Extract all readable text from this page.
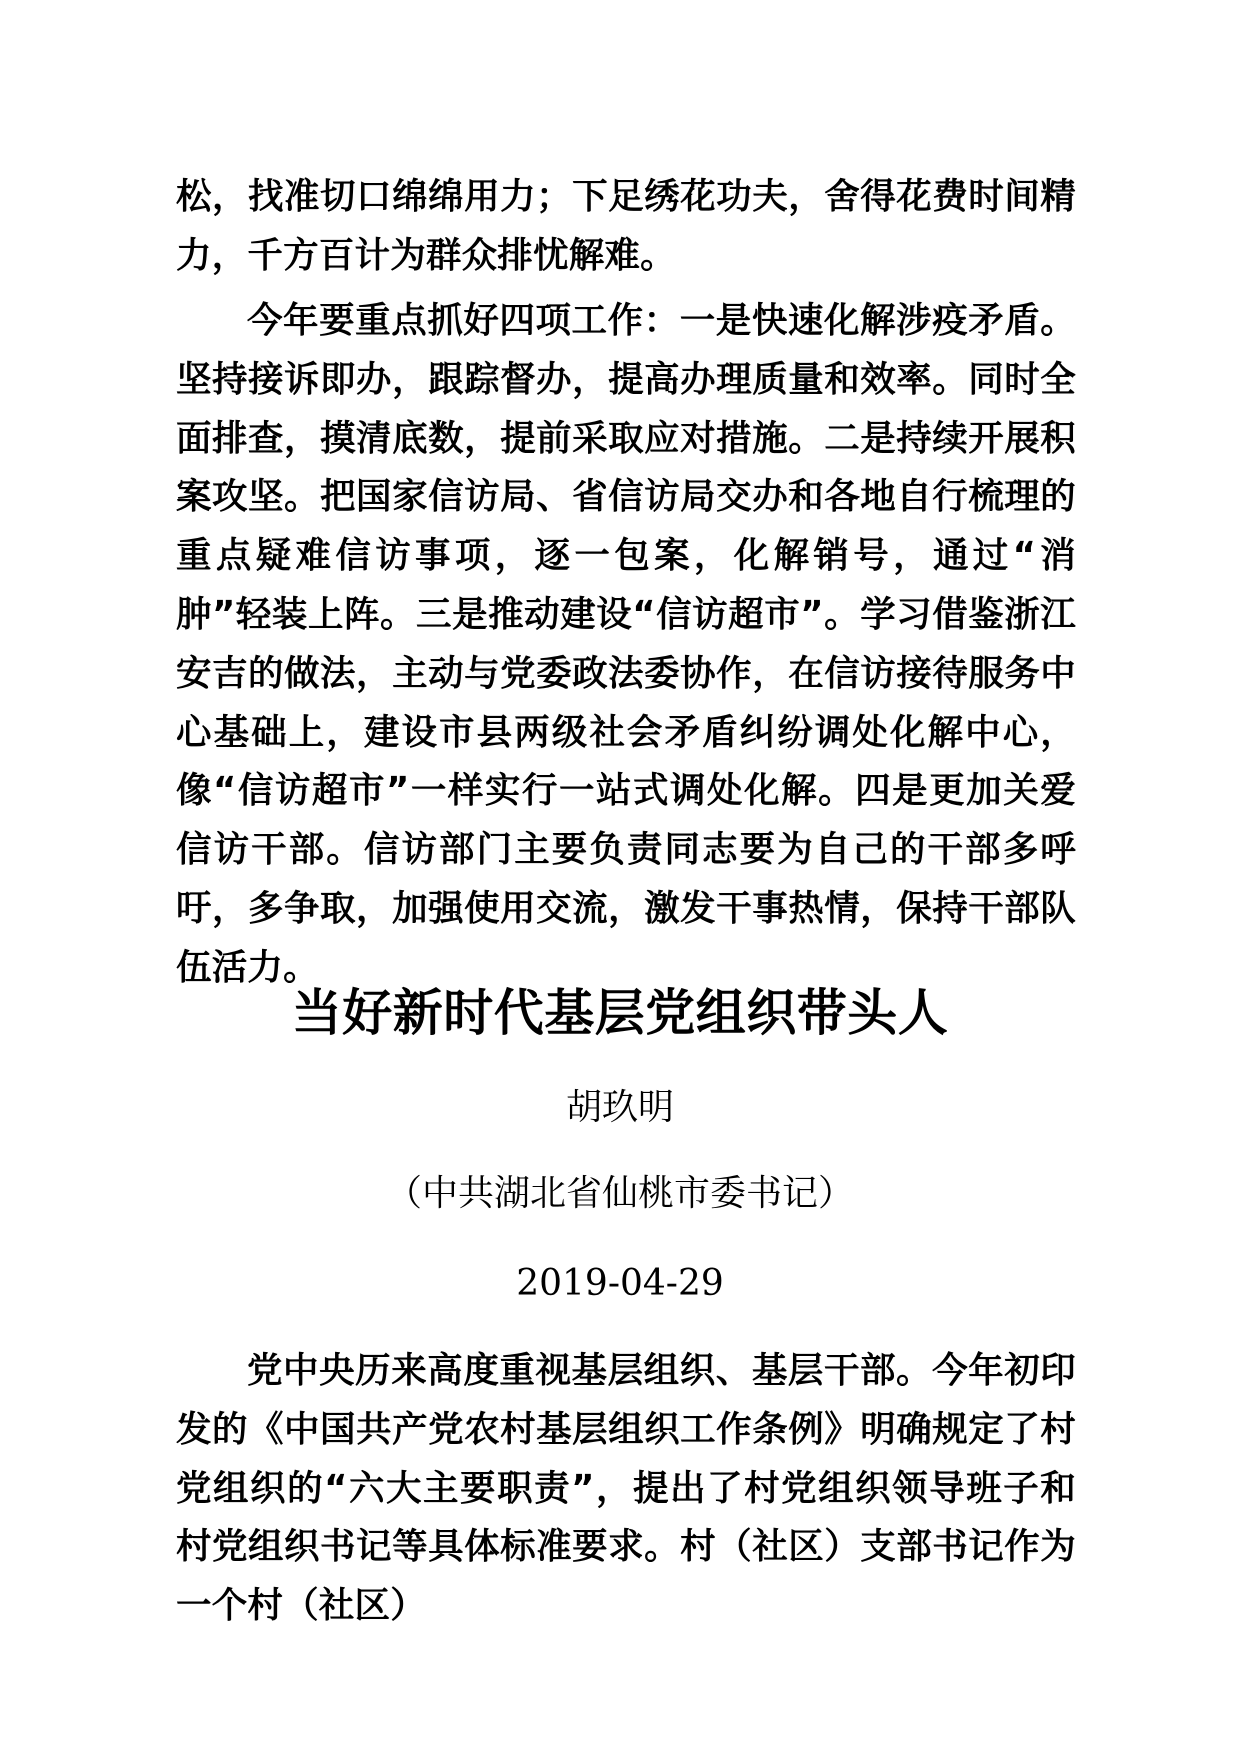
松，找准切口绵绵用力；下足绣花功夫，舍得花费时间精力，千方百计为群众排忧解难。

今年要重点抓好四项工作：一是快速化解涉疫矛盾。坚持接诉即办，跟踪督办，提高办理质量和效率。同时全面排查，摸清底数，提前采取应对措施。二是持续开展积案攻坚。把国家信访局、省信访局交办和各地自行梳理的重点疑难信访事项，逐一包案，化解销号，通过“消肿”轻装上阵。三是推动建设“信访超市”。学习借鉴浙江安吉的做法，主动与党委政法委协作，在信访接待服务中心基础上，建设市县两级社会矛盾纠纷调处化解中心，像“信访超市”一样实行一站式调处化解。四是更加关爱信访干部。信访部门主要负责同志要为自己的干部多呼吁，多争取，加强使用交流，激发干事热情，保持干部队伍活力。

当好新时代基层党组织带头人
胡玖明
（中共湖北省仙桃市委书记）
2019-04-29

党中央历来高度重视基层组织、基层干部。今年初印发的《中国共产党农村基层组织工作条例》明确规定了村党组织的“六大主要职责”，提出了村党组织领导班子和村党组织书记等具体标准要求。村（社区）支部书记作为一个村（社区）
